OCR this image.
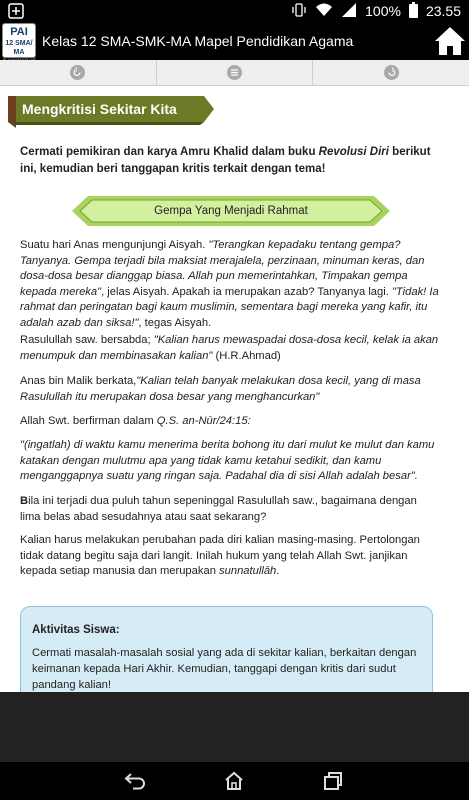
100% 23.55
PAI
12 SMA/ MA
Kelas 12 SMA-SMK-MA Mapel Pendidikan Agama
Mengkritisi Sekitar Kita
Cermati pemikiran dan karya Amru Khalid dalam buku Revolusi Diri berikut ini, kemudian beri tanggapan kritis terkait dengan tema!
Gempa Yang Menjadi Rahmat
Suatu hari Anas mengunjungi Aisyah. "Terangkan kepadaku tentang gempa? Tanyanya. Gempa terjadi bila maksiat merajalela, perzinaan, minuman keras, dan dosa-dosa besar dianggap biasa. Allah pun memerintahkan, Timpakan gempa kepada mereka", jelas Aisyah. Apakah ia merupakan azab? Tanyanya lagi. "Tidak! Ia rahmat dan peringatan bagi kaum muslimin, sementara bagi mereka yang kafir, itu adalah azab dan siksa!", tegas Aisyah.
Rasulullah saw. bersabda; "Kalian harus mewaspadai dosa-dosa kecil, kelak ia akan menumpuk dan membinasakan kalian" (H.R.Ahmad)
Anas bin Malik berkata,"Kalian telah banyak melakukan dosa kecil, yang di masa Rasulullah itu merupakan dosa besar yang menghancurkan"
Allah Swt. berfirman dalam Q.S. an-Nūr/24:15:
"(ingatlah) di waktu kamu menerima berita bohong itu dari mulut ke mulut dan kamu katakan dengan mulutmu apa yang tidak kamu ketahui sedikit, dan kamu menganggapnya suatu yang ringan saja. Padahal dia di sisi Allah adalah besar".
Bila ini terjadi dua puluh tahun sepeninggal Rasulullah saw., bagaimana dengan lima belas abad sesudahnya atau saat sekarang?
Kalian harus melakukan perubahan pada diri kalian masing-masing. Pertolongan tidak datang begitu saja dari langit. Inilah hukum yang telah Allah Swt. janjikan kepada setiap manusia dan merupakan sunnatullāh.
Aktivitas Siswa:
Cermati masalah-masalah sosial yang ada di sekitar kalian, berkaitan dengan keimanan kepada Hari Akhir. Kemudian, tanggapi dengan kritis dari sudut pandang kalian!
